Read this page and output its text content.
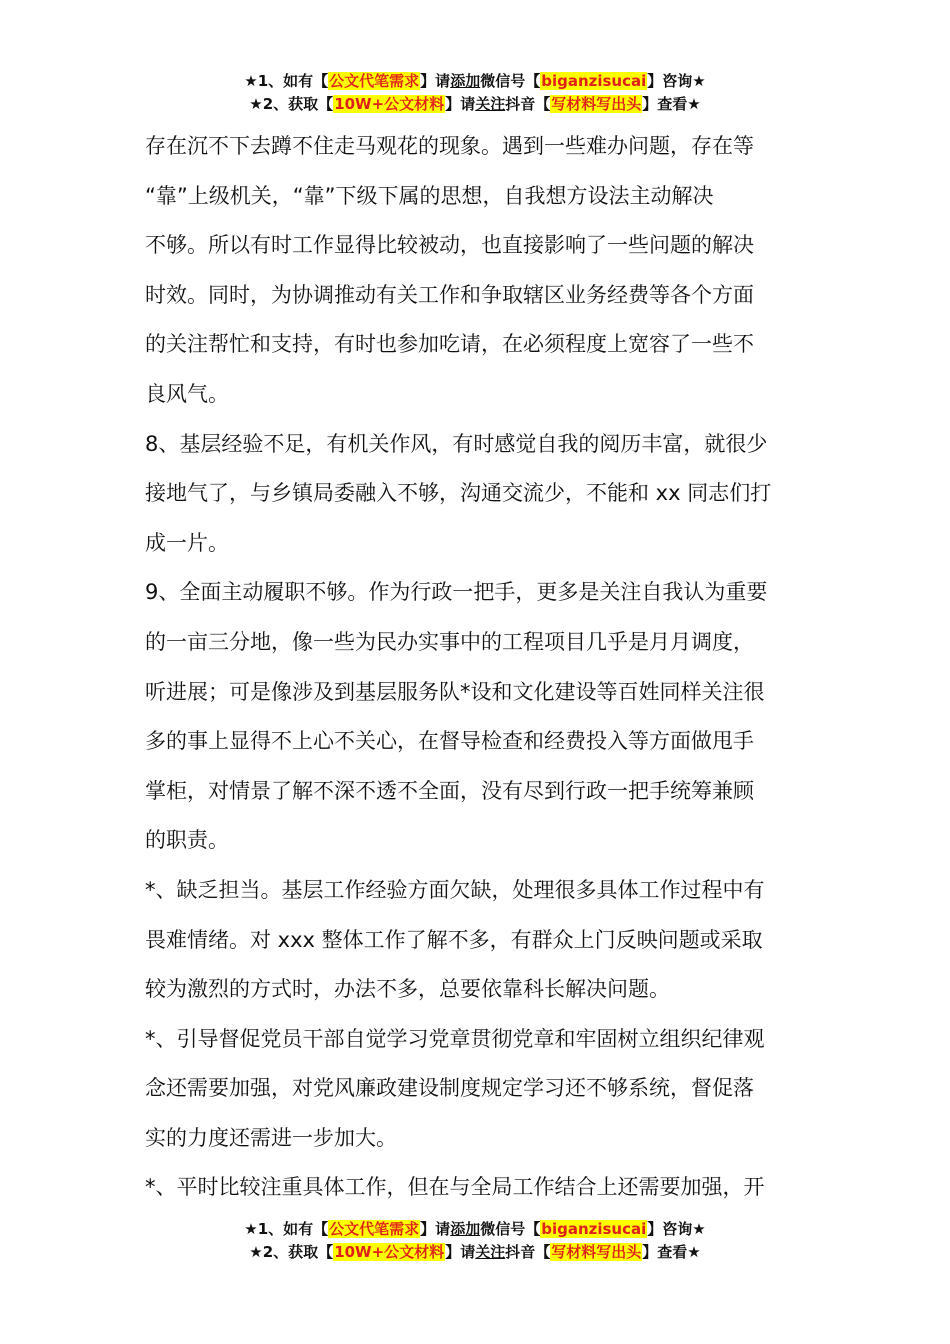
★1、如有【公文代笔需求】请添加微信号【biganzisucai】咨询★
★2、获取【10W+公文材料】请关注抖音【写材料写出头】查看★

存在沉不下去蹲不住走马观花的现象。遇到一些难办问题，存在等

“靠”上级机关，“靠”下级下属的思想，自我想方设法主动解决

不够。所以有时工作显得比较被动，也直接影响了一些问题的解决

时效。同时，为协调推动有关工作和争取辖区业务经费等各个方面

的关注帮忙和支持，有时也参加吃请，在必须程度上宽容了一些不

良风气。

8、基层经验不足，有机关作风，有时感觉自我的阅历丰富，就很少

接地气了，与乡镇局委融入不够，沟通交流少，不能和 xx 同志们打

成一片。

9、全面主动履职不够。作为行政一把手，更多是关注自我认为重要

的一亩三分地，像一些为民办实事中的工程项目几乎是月月调度，

听进展；可是像涉及到基层服务队*设和文化建设等百姓同样关注很

多的事上显得不上心不关心，在督导检查和经费投入等方面做甩手

掌柜，对情景了解不深不透不全面，没有尽到行政一把手统筹兼顾

的职责。

*、缺乏担当。基层工作经验方面欠缺，处理很多具体工作过程中有

畏难情绪。对 xxx 整体工作了解不多，有群众上门反映问题或采取

较为激烈的方式时，办法不多，总要依靠科长解决问题。

*、引导督促党员干部自觉学习党章贯彻党章和牢固树立组织纪律观

念还需要加强，对党风廉政建设制度规定学习还不够系统，督促落

实的力度还需进一步加大。

*、平时比较注重具体工作，但在与全局工作结合上还需要加强，开

★1、如有【公文代笔需求】请添加微信号【biganzisucai】咨询★
★2、获取【10W+公文材料】请关注抖音【写材料写出头】查看★
